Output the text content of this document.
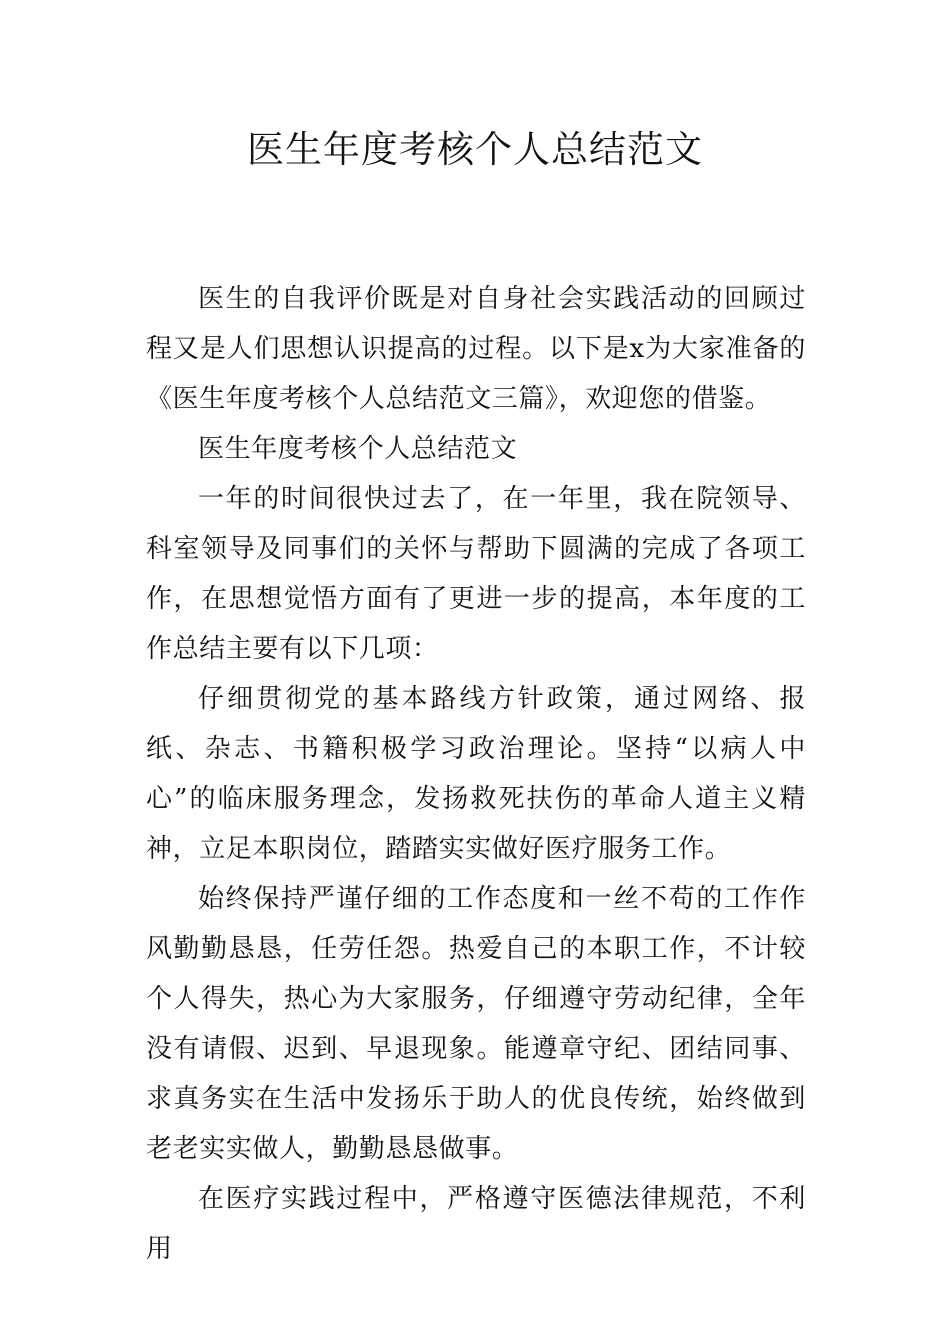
医生年度考核个人总结范文

医生的自我评价既是对自身社会实践活动的回顾过程又是人们思想认识提高的过程。以下是x为大家准备的《医生年度考核个人总结范文三篇》，欢迎您的借鉴。

医生年度考核个人总结范文

一年的时间很快过去了，在一年里，我在院领导、科室领导及同事们的关怀与帮助下圆满的完成了各项工作，在思想觉悟方面有了更进一步的提高，本年度的工作总结主要有以下几项：

仔细贯彻党的基本路线方针政策，通过网络、报纸、杂志、书籍积极学习政治理论。坚持“以病人中心”的临床服务理念，发扬救死扶伤的革命人道主义精神，立足本职岗位，踏踏实实做好医疗服务工作。

始终保持严谨仔细的工作态度和一丝不苟的工作作风勤勤恳恳，任劳任怨。热爱自己的本职工作，不计较个人得失，热心为大家服务，仔细遵守劳动纪律，全年没有请假、迟到、早退现象。能遵章守纪、团结同事、求真务实在生活中发扬乐于助人的优良传统，始终做到老老实实做人，勤勤恳恳做事。

在医疗实践过程中，严格遵守医德法律规范，不利用
